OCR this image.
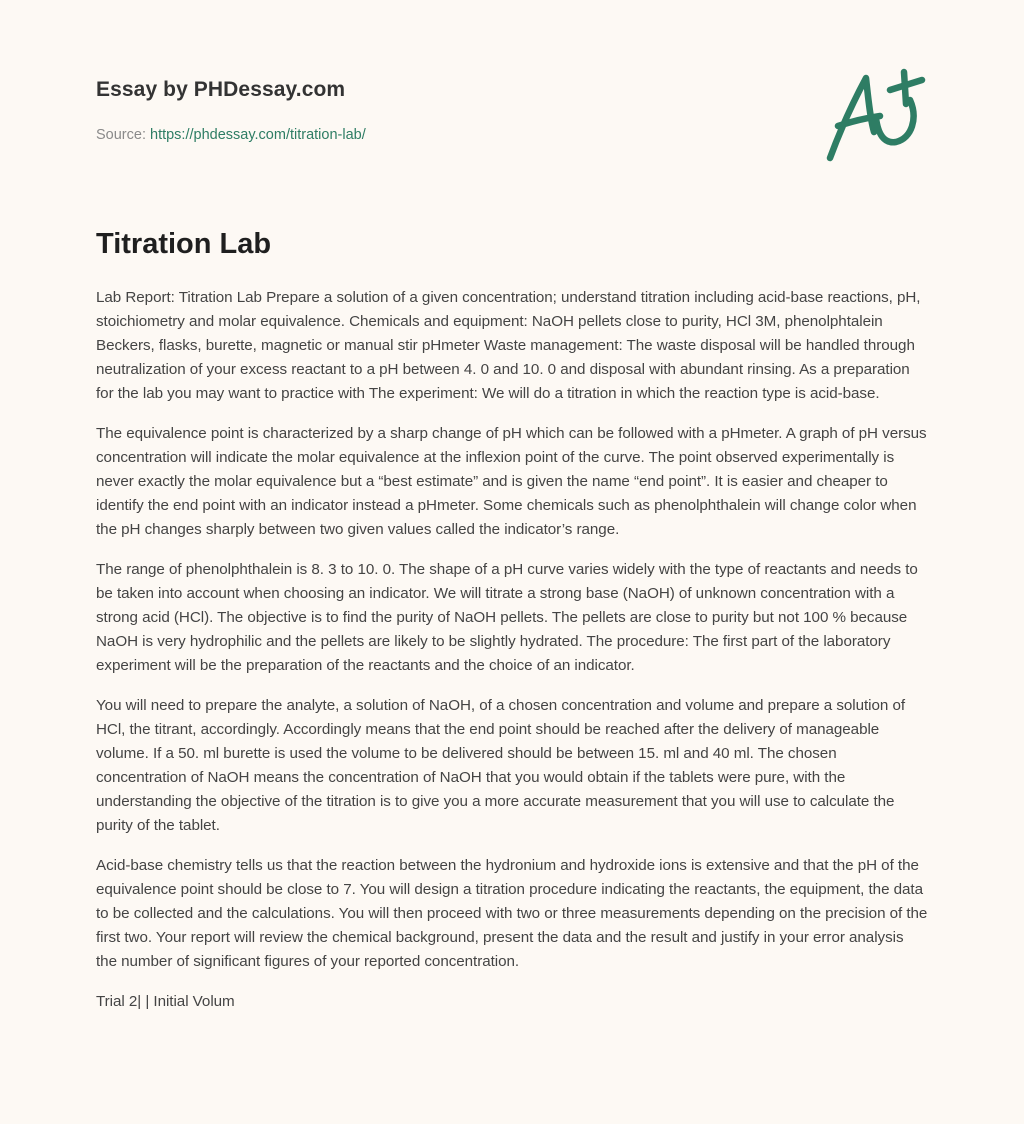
Essay by PHDessay.com
Source: https://phdessay.com/titration-lab/
Titration Lab

Lab Report: Titration Lab Prepare a solution of a given concentration; understand titration including acid-base reactions, pH, stoichiometry and molar equivalence. Chemicals and equipment: NaOH pellets close to purity, HCl 3M, phenolphtalein Beckers, flasks, burette, magnetic or manual stir pHmeter Waste management: The waste disposal will be handled through neutralization of your excess reactant to a pH between 4. 0 and 10. 0 and disposal with abundant rinsing. As a preparation for the lab you may want to practice with The experiment: We will do a titration in which the reaction type is acid-base.

The equivalence point is characterized by a sharp change of pH which can be followed with a pHmeter. A graph of pH versus concentration will indicate the molar equivalence at the inflexion point of the curve. The point observed experimentally is never exactly the molar equivalence but a “best estimate” and is given the name “end point”. It is easier and cheaper to identify the end point with an indicator instead a pHmeter. Some chemicals such as phenolphthalein will change color when the pH changes sharply between two given values called the indicator’s range.

The range of phenolphthalein is 8. 3 to 10. 0. The shape of a pH curve varies widely with the type of reactants and needs to be taken into account when choosing an indicator. We will titrate a strong base (NaOH) of unknown concentration with a strong acid (HCl). The objective is to find the purity of NaOH pellets. The pellets are close to purity but not 100 % because NaOH is very hydrophilic and the pellets are likely to be slightly hydrated. The procedure: The first part of the laboratory experiment will be the preparation of the reactants and the choice of an indicator.

You will need to prepare the analyte, a solution of NaOH, of a chosen concentration and volume and prepare a solution of HCl, the titrant, accordingly. Accordingly means that the end point should be reached after the delivery of manageable volume. If a 50. ml burette is used the volume to be delivered should be between 15. ml and 40 ml. The chosen concentration of NaOH means the concentration of NaOH that you would obtain if the tablets were pure, with the understanding the objective of the titration is to give you a more accurate measurement that you will use to calculate the purity of the tablet.

Acid-base chemistry tells us that the reaction between the hydronium and hydroxide ions is extensive and that the pH of the equivalence point should be close to 7. You will design a titration procedure indicating the reactants, the equipment, the data to be collected and the calculations. You will then proceed with two or three measurements depending on the precision of the first two. Your report will review the chemical background, present the data and the result and justify in your error analysis the number of significant figures of your reported concentration.

Trial 2| | Initial Volum
